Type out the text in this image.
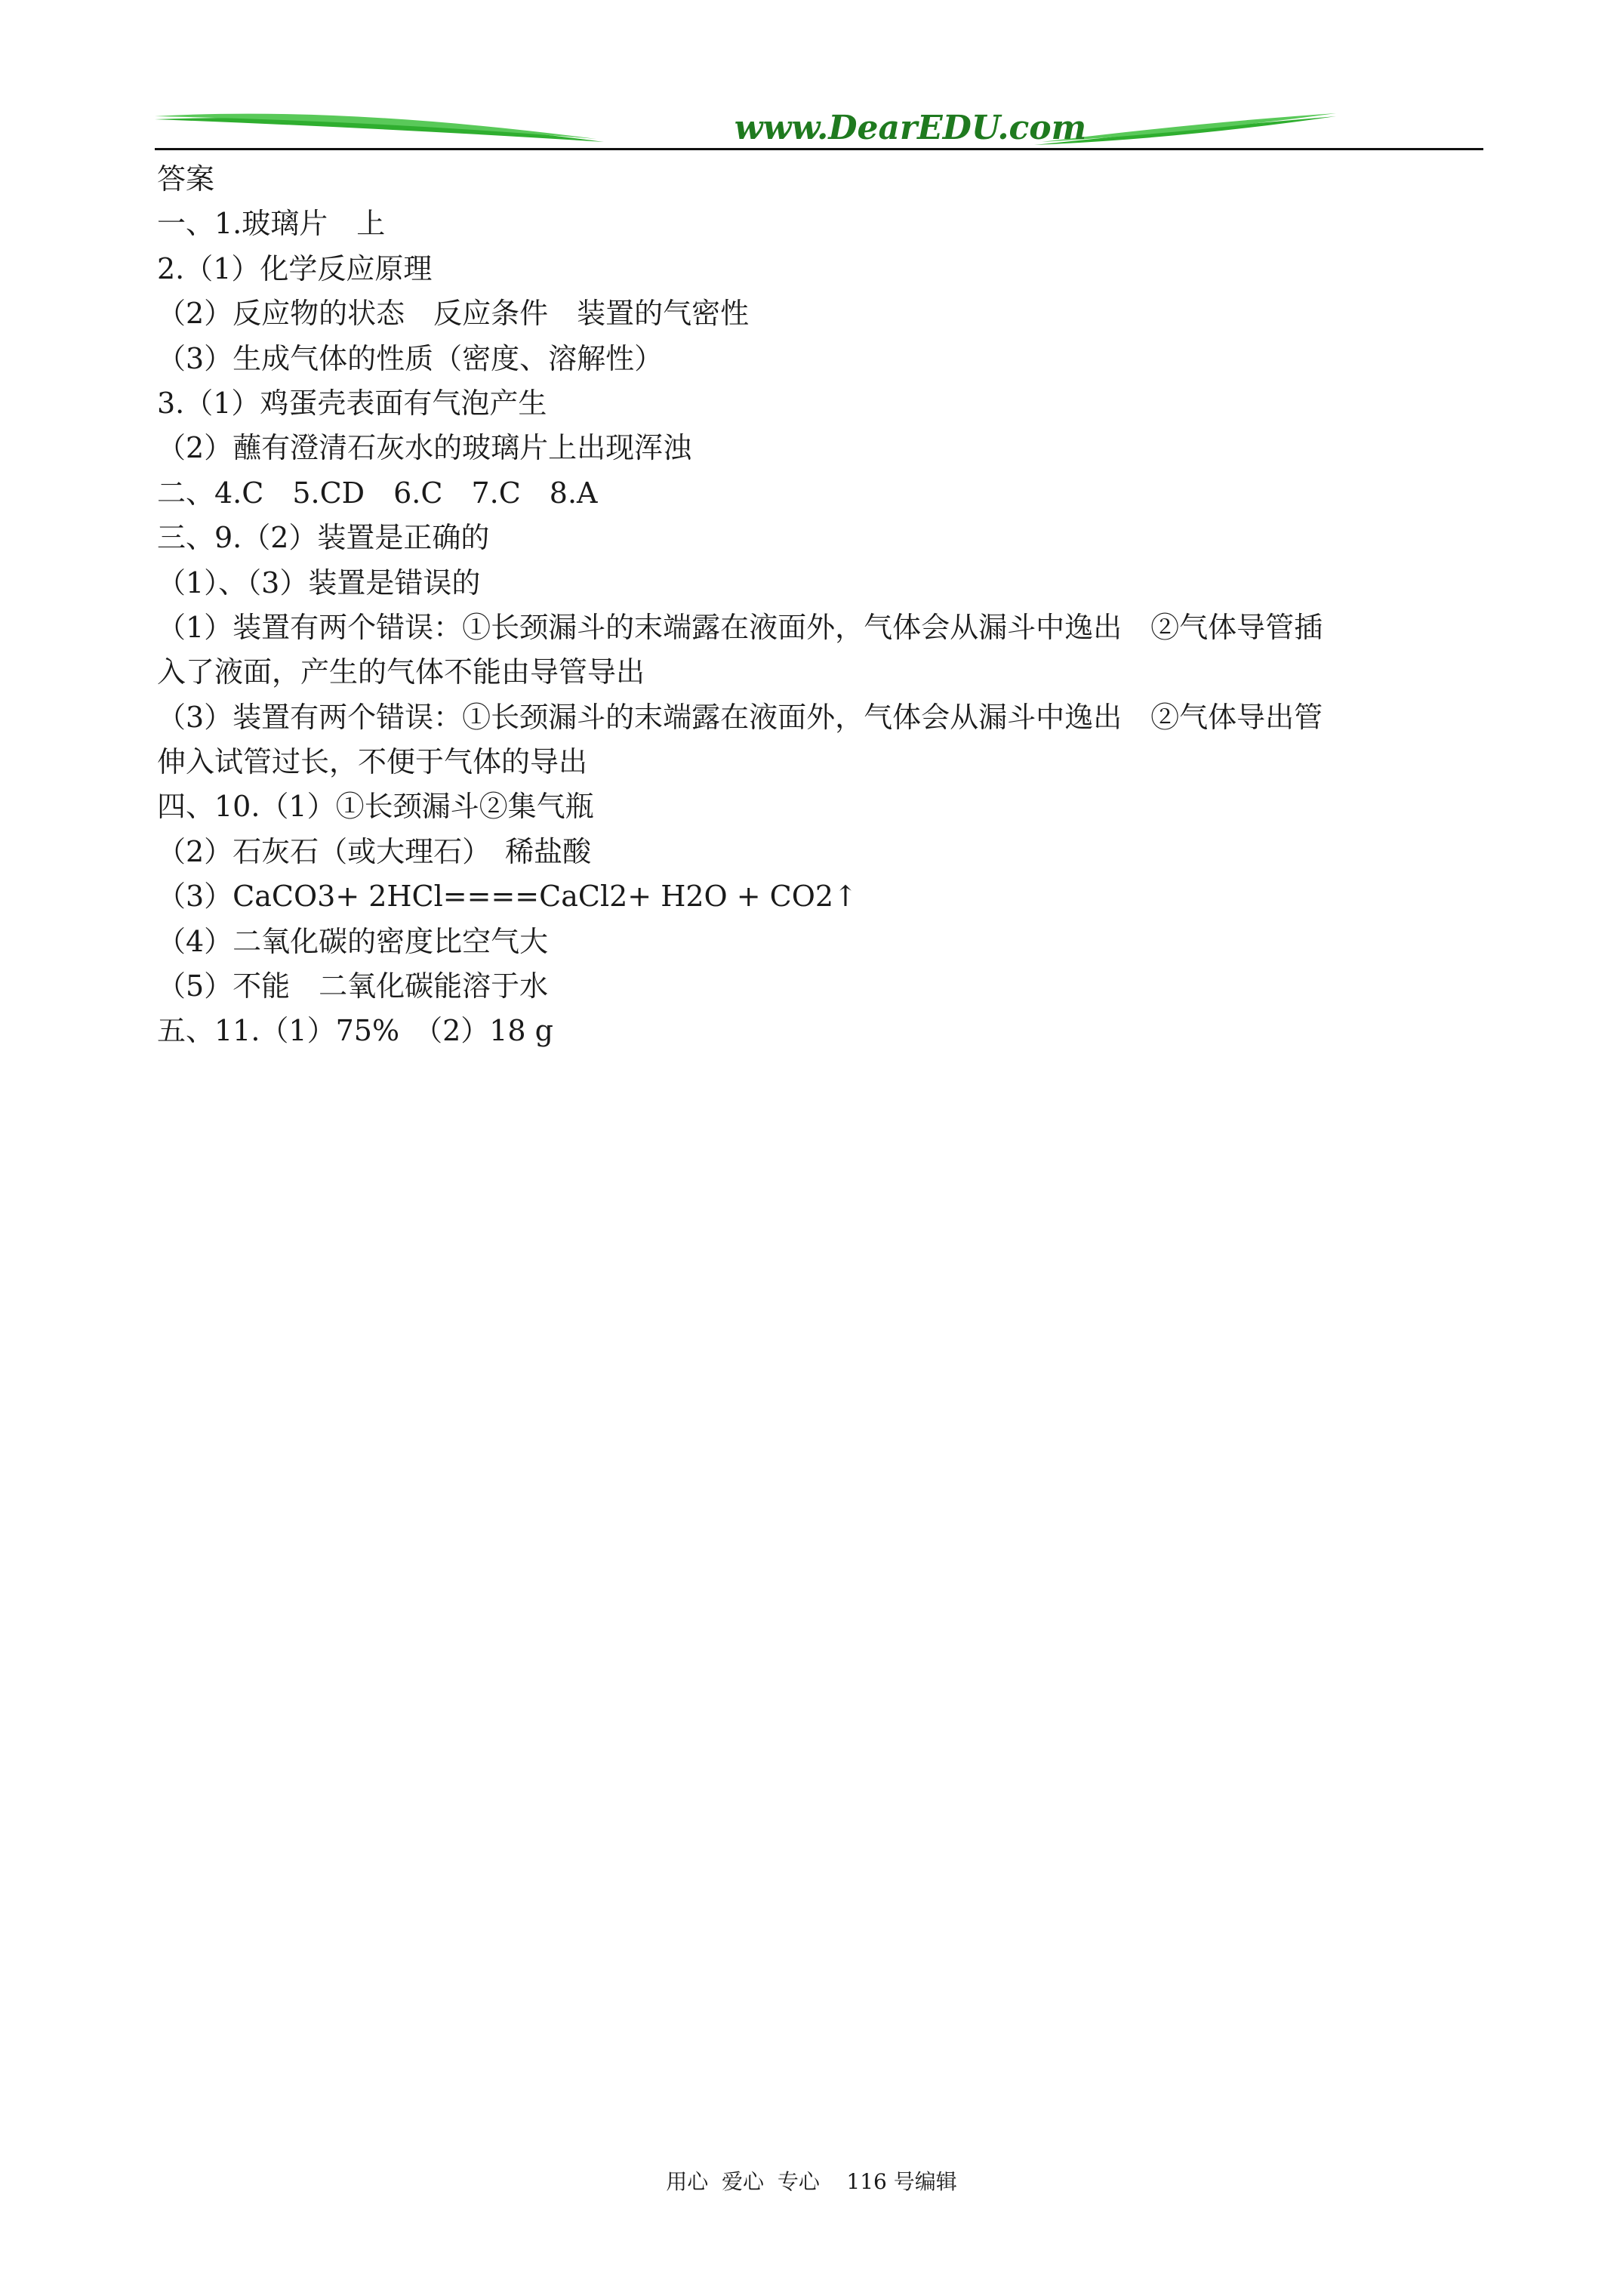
www.DearEDU.com
答案
一、1.玻璃片　上
2.（1）化学反应原理
（2）反应物的状态　反应条件　装置的气密性
（3）生成气体的性质（密度、溶解性）
3.（1）鸡蛋壳表面有气泡产生
（2）蘸有澄清石灰水的玻璃片上出现浑浊
二、4.C　5.CD　6.C　7.C　8.A
三、9.（2）装置是正确的
（1）、（3）装置是错误的
（1）装置有两个错误：①长颈漏斗的末端露在液面外，气体会从漏斗中逸出　②气体导管插
入了液面，产生的气体不能由导管导出
（3）装置有两个错误：①长颈漏斗的末端露在液面外，气体会从漏斗中逸出　②气体导出管
伸入试管过长，不便于气体的导出
四、10.（1）①长颈漏斗②集气瓶
（2）石灰石（或大理石）　稀盐酸
（3）CaCO3+ 2HCl====CaCl2+ H2O + CO2↑
（4）二氧化碳的密度比空气大
（5）不能　二氧化碳能溶于水
五、11.（1）75%　（2）18 g
用心  爱心  专心    116 号编辑
